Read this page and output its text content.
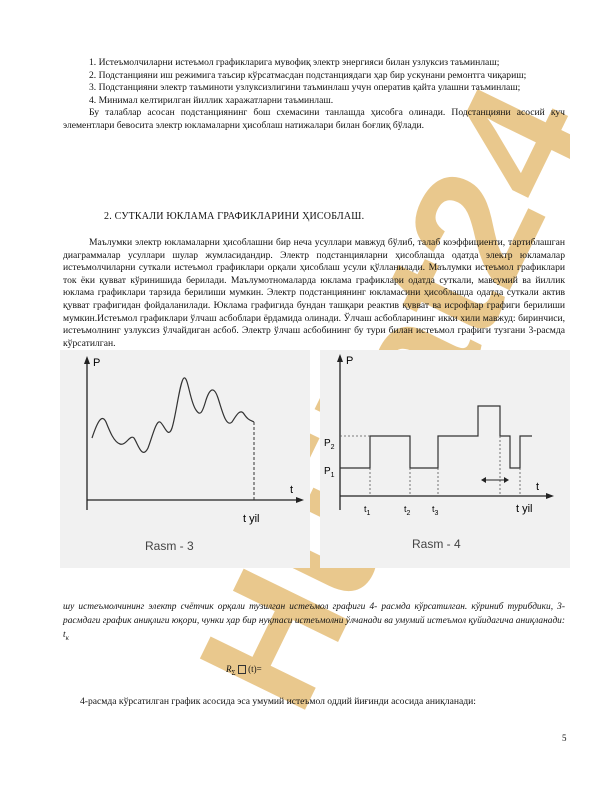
1. Истеъмолчиларни истеъмол графикларига мувофиқ электр энергияси билан узлуксиз таъминлаш;

2. Подстанцияни иш режимига таъсир кўрсатмасдан подстанциядаги ҳар бир ускунани ремонтга чиқариш;

3. Подстанцияни электр таъминоти узлуксизлигини таъминлаш учун оператив қайта улашни таъминлаш;

4. Минимал келтирилган йиллик харажатларни таъминлаш.

Бу талаблар асосан подстанциянинг бош схемасини танлашда ҳисобга олинади. Подстанцияни асосий куч элементлари бевосита электр юкламаларни ҳисоблаш натижалари билан боғлиқ бўлади.

2. СУТКАЛИ ЮКЛАМА ГРАФИКЛАРИНИ ҲИСОБЛАШ.

Маълумки электр юкламаларни ҳисоблашни бир неча усуллари мавжуд бўлиб, талаб коэффициенти, тартиблашган диаграммалар усуллари шулар жумласидандир. Электр подстанцияларни ҳисоблашда одатда электр юкламалар истеъмолчиларни суткали истеъмол графиклари орқали ҳисоблаш усули қўлланилади. Маълумки истеъмол графиклари ток ёки қувват кўринишида берилади. Маълумотномаларда юклама графиклари одатда суткали, мавсумий ва йиллик юклама графиклари тарзида берилиши мумкин. Электр подстанциянинг юкламасини ҳисоблашда одатда суткали актив қувват графигидан фойдаланилади. Юклама графигида бундан ташқари реактив қувват ва исрофлар графиги берилиши мумкин.Истеъмол графиклари ўлчаш асбоблари ёрдамида олинади. Ўлчаш асбобларининг икки хили мавжуд: биринчиси, истеъмолнинг узлуксиз ўлчайдиган асбоб. Электр ўлчаш асбобининг бу тури билан истеъмол графиги тузгани 3-расмда кўрсатилган.

P
t
t yil
Rasm - 3
P
t
$P_2$
$P_1$
$t_1$	$t_2$ $t_3$	t yil
Rasm - 4
шу истеъмолчининг электр счётчик орқали тузилган истеъмол графиги 4- расмда кўрсатилган. кўриниб турибдики, 3-расмдаги график аниқлиги юқори, чунки ҳар бир нуқтаси истеъмолни ўлчанади ва умумий истеъмол қуйидагича аниқланади: $t_к$
$R_\Sigma$ (t)=
4-расмда кўрсатилган график асосида эса умумий истеъмол оддий йиғинди асосида аниқланади:
5
